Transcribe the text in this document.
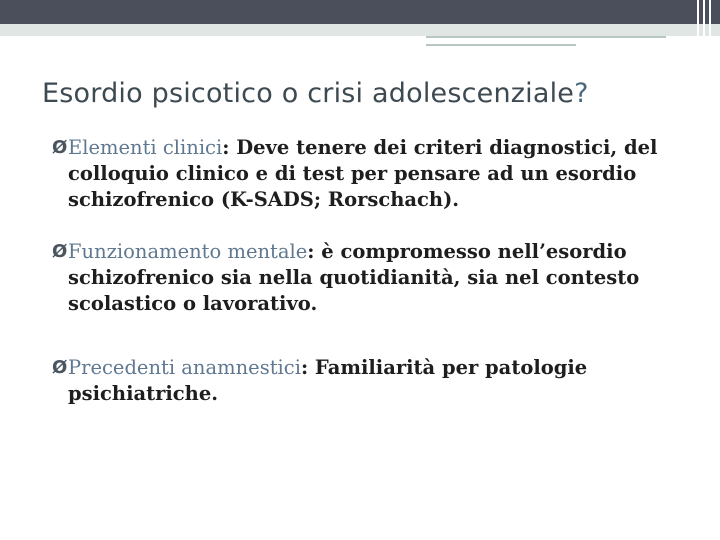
Esordio psicotico o crisi adolescenziale?
Ø Elementi clinici: Deve tenere dei criteri diagnostici, del colloquio clinico e di test per pensare ad un esordio schizofrenico (K-SADS; Rorschach).
Ø Funzionamento mentale: è compromesso nell’esordio schizofrenico sia nella quotidianità, sia nel contesto scolastico o lavorativo.
Ø Precedenti anamnestici: Familiarità per patologie psichiatriche.
